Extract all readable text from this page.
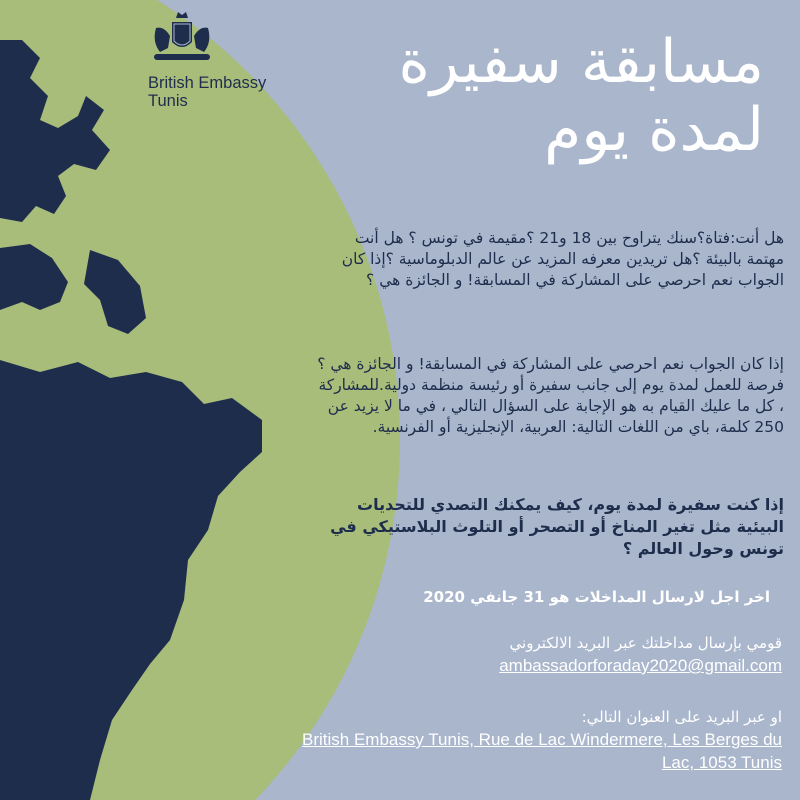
British Embassy
Tunis
مسابقة سفيرة
لمدة يوم
هل أنت:فتاة؟سنك يتراوح بين 18 و21 ؟مقيمة في تونس ؟ هل أنت مهتمة بالبيئة ؟هل تريدين معرفه المزيد عن عالم الدبلوماسية ؟إذا كان الجواب نعم احرصي على المشاركة في المسابقة! و الجائزة هي ؟
إذا كان الجواب نعم احرصي على المشاركة في المسابقة! و الجائزة هي ؟ فرصة للعمل لمدة يوم إلى جانب سفيرة أو رئيسة منظمة دولية.للمشاركة ، كل ما عليك القيام به هو الإجابة على السؤال التالي ، في ما لا يزيد عن 250 كلمة، باي من اللغات التالية: العربية، الإنجليزية أو الفرنسية.
إذا كنت سفيرة لمدة يوم، كيف يمكنك التصدي للتحديات البيئية مثل تغير المناخ أو التصحر أو التلوث البلاستيكي في تونس وحول العالم ؟
اخر اجل لارسال المداخلات هو 31 جانفي 2020
قومي بإرسال مداخلتك عبر البريد الالكتروني
ambassadorforaday2020@gmail.com
او عبر البريد على العنوان التالي:
British Embassy Tunis, Rue de Lac Windermere, Les Berges du Lac, 1053 Tunis
